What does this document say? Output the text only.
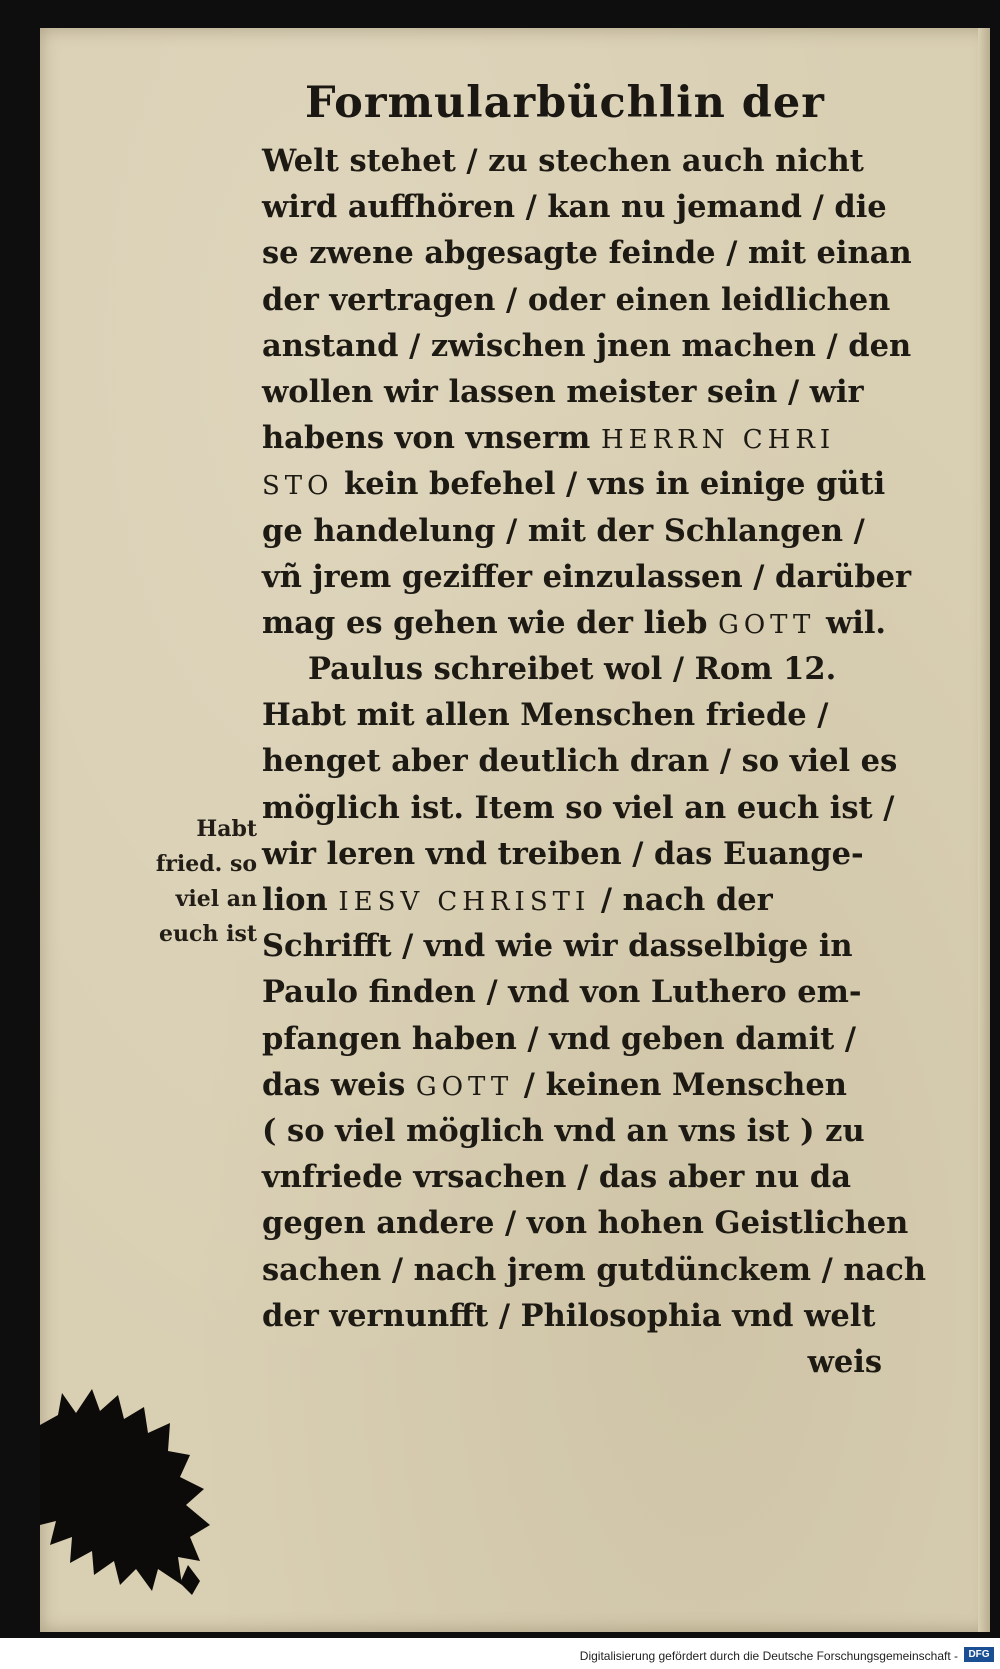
Formularbüchlin der
Welt stehet / zu stechen auch nicht
wird auffhören / kan nu jemand / die
se zwene abgesagte feinde / mit einan
der vertragen / oder einen leidlichen
anstand / zwischen jnen machen / den
wollen wir lassen meister sein / wir
habens von vnserm HERRN CHRI
STO kein befehel / vns in einige güti
ge handelung / mit der Schlangen /
vñ jrem geziffer einzulassen / darüber
mag es gehen wie der lieb GOTT wil.
Paulus schreibet wol / Rom 12.
Habt mit allen Menschen friede /
henget aber deutlich dran / so viel es
möglich ist. Item so viel an euch ist /
wir leren vnd treiben / das Euange-
lion IESV CHRISTI / nach der
Schrifft / vnd wie wir dasselbige in
Paulo finden / vnd von Luthero em-
pfangen haben / vnd geben damit /
das weis GOTT / keinen Menschen
( so viel möglich vnd an vns ist ) zu
vnfriede vrsachen / das aber nu da
gegen andere / von hohen Geistlichen
sachen / nach jrem gutdünckem / nach
der vernunfft / Philosophia vnd welt
weis
Habt
fried. so
viel an
euch ist
Digitalisierung gefördert durch die Deutsche Forschungsgemeinschaft -	DFG
